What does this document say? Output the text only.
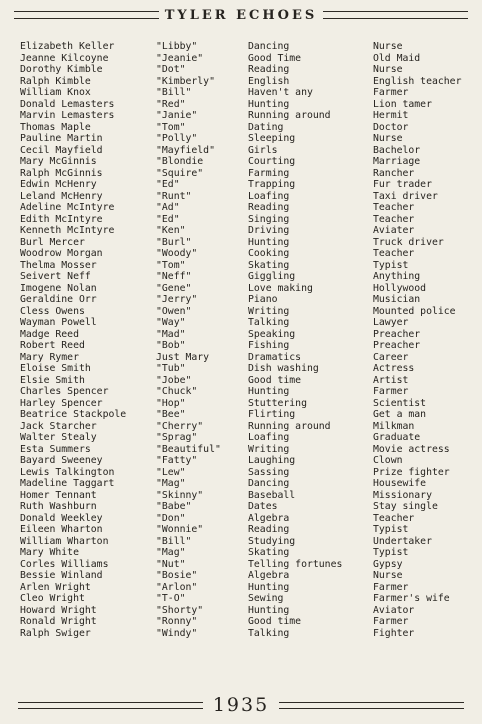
TYLER ECHOES
Elizabeth Keller	"Libby"	Dancing	Nurse
Jeanne Kilcoyne	"Jeanie"	Good Time	Old Maid
Dorothy Kimble	"Dot"	Reading	Nurse
Ralph Kimble	"Kimberly"	English	English teacher
William Knox	"Bill"	Haven't any	Farmer
Donald Lemasters	"Red"	Hunting	Lion tamer
Marvin Lemasters	"Janie"	Running around	Hermit
Thomas Maple	"Tom"	Dating	Doctor
Pauline Martin	"Polly"	Sleeping	Nurse
Cecil Mayfield	"Mayfield"	Girls	Bachelor
Mary McGinnis	"Blondie	Courting	Marriage
Ralph McGinnis	"Squire"	Farming	Rancher
Edwin McHenry	"Ed"	Trapping	Fur trader
Leland McHenry	"Runt"	Loafing	Taxi driver
Adeline McIntyre	"Ad"	Reading	Teacher
Edith McIntyre	"Ed"	Singing	Teacher
Kenneth McIntyre	"Ken"	Driving	Aviater
Burl Mercer	"Burl"	Hunting	Truck driver
Woodrow Morgan	"Woody"	Cooking	Teacher
Thelma Mosser	"Tom"	Skating	Typist
Seivert Neff	"Neff"	Giggling	Anything
Imogene Nolan	"Gene"	Love making	Hollywood
Geraldine Orr	"Jerry"	Piano	Musician
Cless Owens	"Owen"	Writing	Mounted police
Wayman Powell	"Way"	Talking	Lawyer
Madge Reed	"Mad"	Speaking	Preacher
Robert Reed	"Bob"	Fishing	Preacher
Mary Rymer	Just Mary	Dramatics	Career
Eloise Smith	"Tub"	Dish washing	Actress
Elsie Smith	"Jobe"	Good time	Artist
Charles Spencer	"Chuck"	Hunting	Farmer
Harley Spencer	"Hop"	Stuttering	Scientist
Beatrice Stackpole	"Bee"	Flirting	Get a man
Jack Starcher	"Cherry"	Running around	Milkman
Walter Stealy	"Sprag"	Loafing	Graduate
Esta Summers	"Beautiful"	Writing	Movie actress
Bayard Sweeney	"Fatty"	Laughing	Clown
Lewis Talkington	"Lew"	Sassing	Prize fighter
Madeline Taggart	"Mag"	Dancing	Housewife
Homer Tennant	"Skinny"	Baseball	Missionary
Ruth Washburn	"Babe"	Dates	Stay single
Donald Weekley	"Don"	Algebra	Teacher
Eileen Wharton	"Wonnie"	Reading	Typist
William Wharton	"Bill"	Studying	Undertaker
Mary White	"Mag"	Skating	Typist
Corles Williams	"Nut"	Telling fortunes	Gypsy
Bessie Winland	"Bosie"	Algebra	Nurse
Arlen Wright	"Arlon"	Hunting	Farmer
Cleo Wright	"T-O"	Sewing	Farmer's wife
Howard Wright	"Shorty"	Hunting	Aviator
Ronald Wright	"Ronny"	Good time	Farmer
Ralph Swiger	"Windy"	Talking	Fighter
1935
